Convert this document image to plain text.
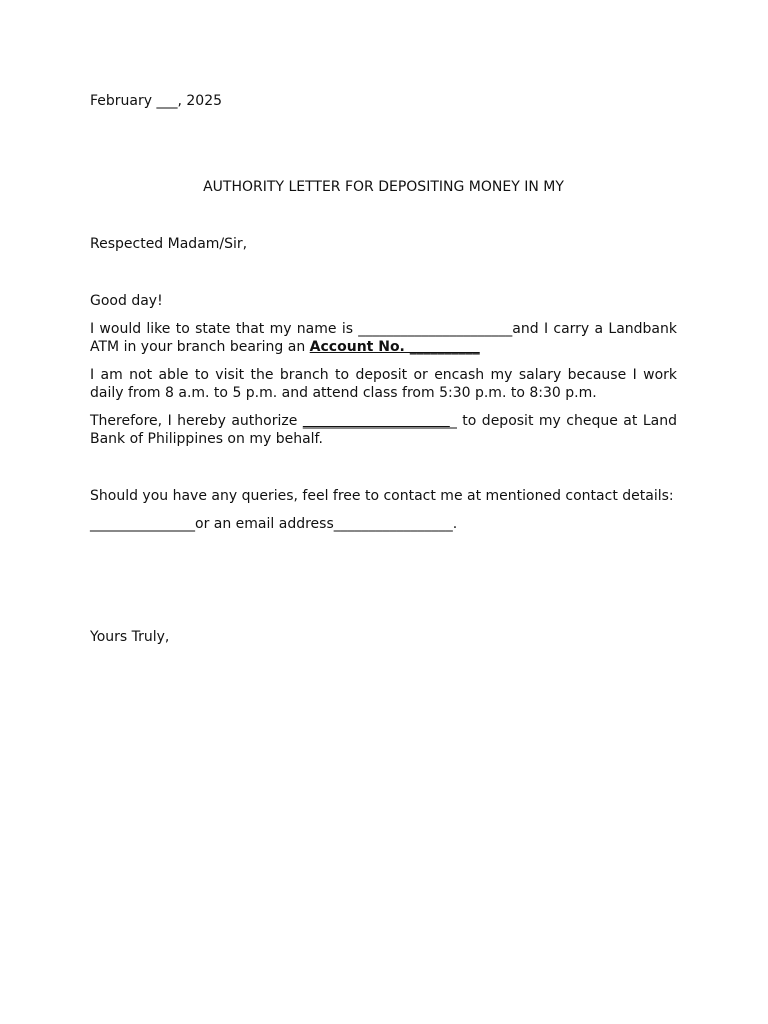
February ___, 2025
AUTHORITY LETTER FOR DEPOSITING MONEY IN MY
Respected Madam/Sir,
Good day!
I would like to state that my name is ______________________and I carry a Landbank ATM in your branch bearing an Account No. __________
I am not able to visit the branch to deposit or encash my salary because I work daily from 8 a.m. to 5 p.m. and attend class from 5:30 p.m. to 8:30 p.m.
Therefore, I hereby authorize ______________________ to deposit my cheque at Land Bank of Philippines on my behalf.
Should you have any queries, feel free to contact me at mentioned contact details:
_______________or an email address_________________.
Yours Truly,
